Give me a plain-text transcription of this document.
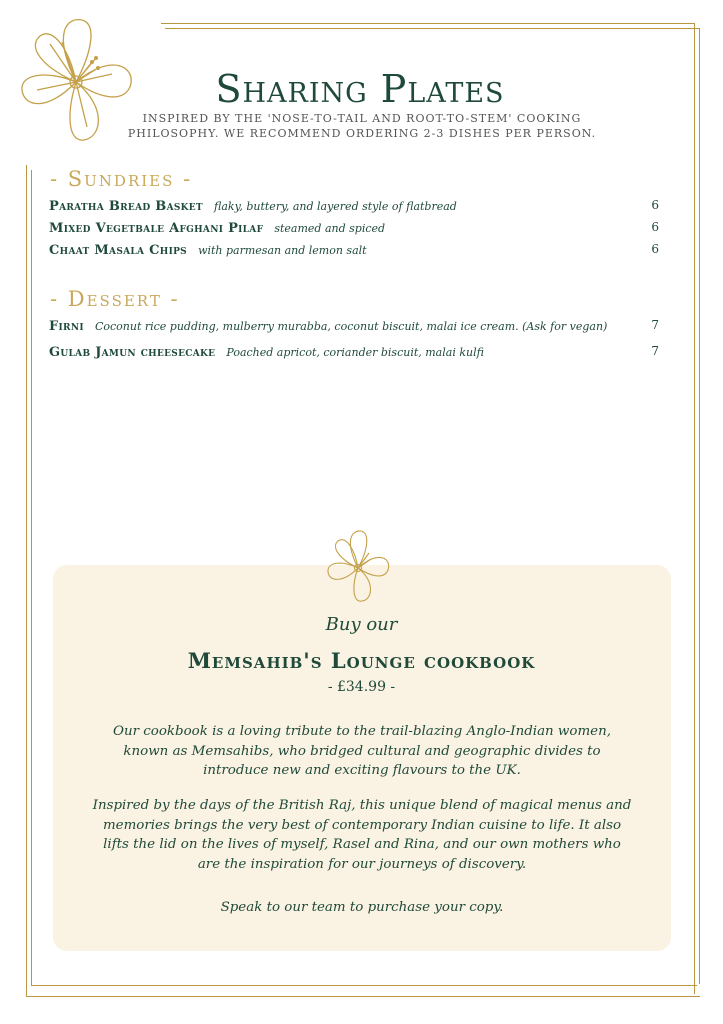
Sharing Plates
INSPIRED BY THE 'NOSE-TO-TAIL AND ROOT-TO-STEM' COOKING PHILOSOPHY. WE RECOMMEND ORDERING 2-3 DISHES PER PERSON.
- Sundries -
Paratha Bread Basket flaky, buttery, and layered style of flatbread	6
Mixed Vegetbale Afghani Pilaf steamed and spiced	6
Chaat Masala Chips with parmesan and lemon salt	6
- Dessert -
Firni Coconut rice pudding, mulberry murabba, coconut biscuit, malai ice cream. (Ask for vegan)	7
Gulab Jamun cheesecake Poached apricot, coriander biscuit, malai kulfi	7
Buy our
Memsahib's Lounge cookbook
- £34.99 -
Our cookbook is a loving tribute to the trail-blazing Anglo-Indian women, known as Memsahibs, who bridged cultural and geographic divides to introduce new and exciting flavours to the UK.
Inspired by the days of the British Raj, this unique blend of magical menus and memories brings the very best of contemporary Indian cuisine to life. It also lifts the lid on the lives of myself, Rasel and Rina, and our own mothers who are the inspiration for our journeys of discovery.
Speak to our team to purchase your copy.
